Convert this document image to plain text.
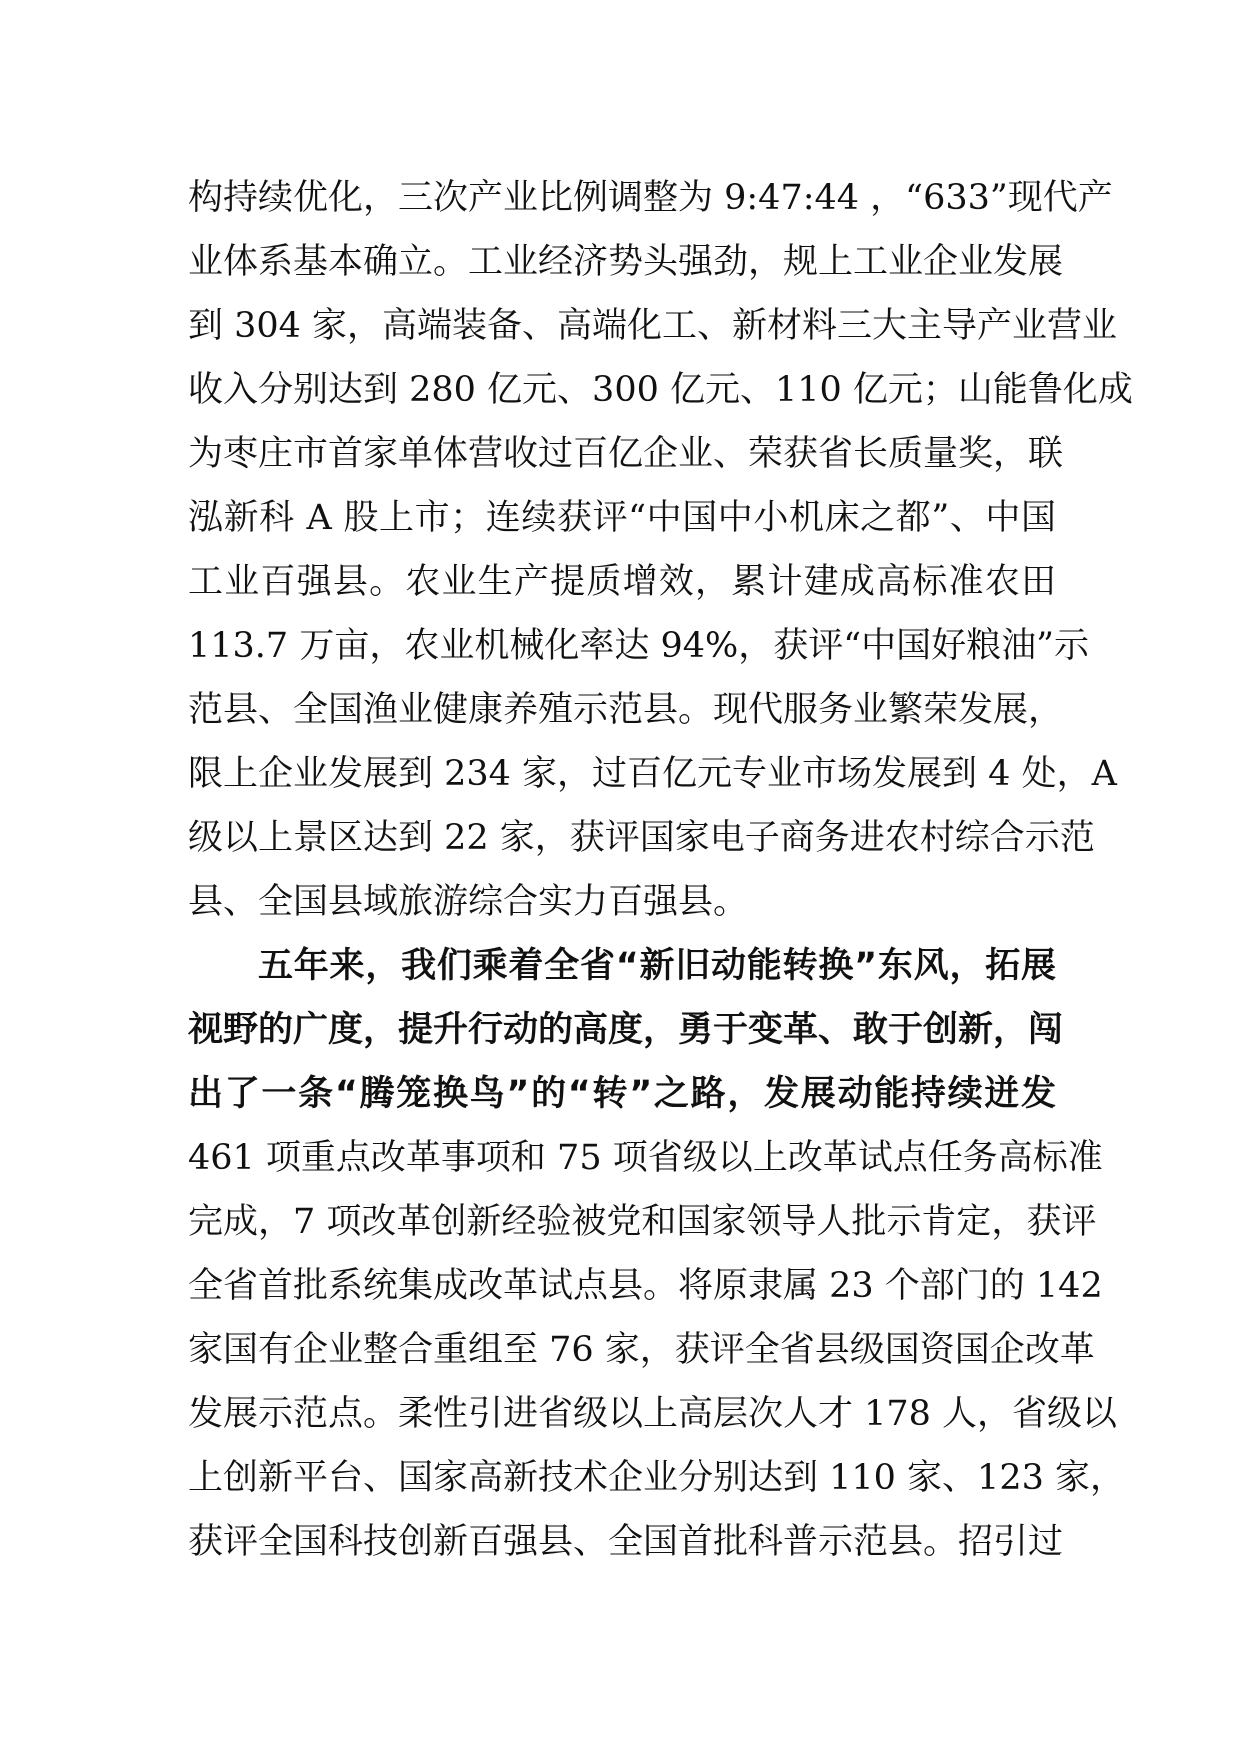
构持续优化，三次产业比例调整为 9:47:44 ，“633”现代产
业体系基本确立。工业经济势头强劲，规上工业企业发展
到 304 家，高端装备、高端化工、新材料三大主导产业营业
收入分别达到 280 亿元、300 亿元、110 亿元；山能鲁化成
为枣庄市首家单体营收过百亿企业、荣获省长质量奖，联
泓新科 A 股上市；连续获评“中国中小机床之都”、中国
工业百强县。农业生产提质增效，累计建成高标准农田
113.7 万亩，农业机械化率达 94%，获评“中国好粮油”示
范县、全国渔业健康养殖示范县。现代服务业繁荣发展，
限上企业发展到 234 家，过百亿元专业市场发展到 4 处，A
级以上景区达到 22 家，获评国家电子商务进农村综合示范
县、全国县域旅游综合实力百强县。
五年来，我们乘着全省“新旧动能转换”东风，拓展
视野的广度，提升行动的高度，勇于变革、敢于创新，闯
出了一条“腾笼换鸟”的“转”之路，发展动能持续迸发
461 项重点改革事项和 75 项省级以上改革试点任务高标准
完成，7 项改革创新经验被党和国家领导人批示肯定，获评
全省首批系统集成改革试点县。将原隶属 23 个部门的 142
家国有企业整合重组至 76 家，获评全省县级国资国企改革
发展示范点。柔性引进省级以上高层次人才 178 人，省级以
上创新平台、国家高新技术企业分别达到 110 家、123 家，
获评全国科技创新百强县、全国首批科普示范县。招引过
